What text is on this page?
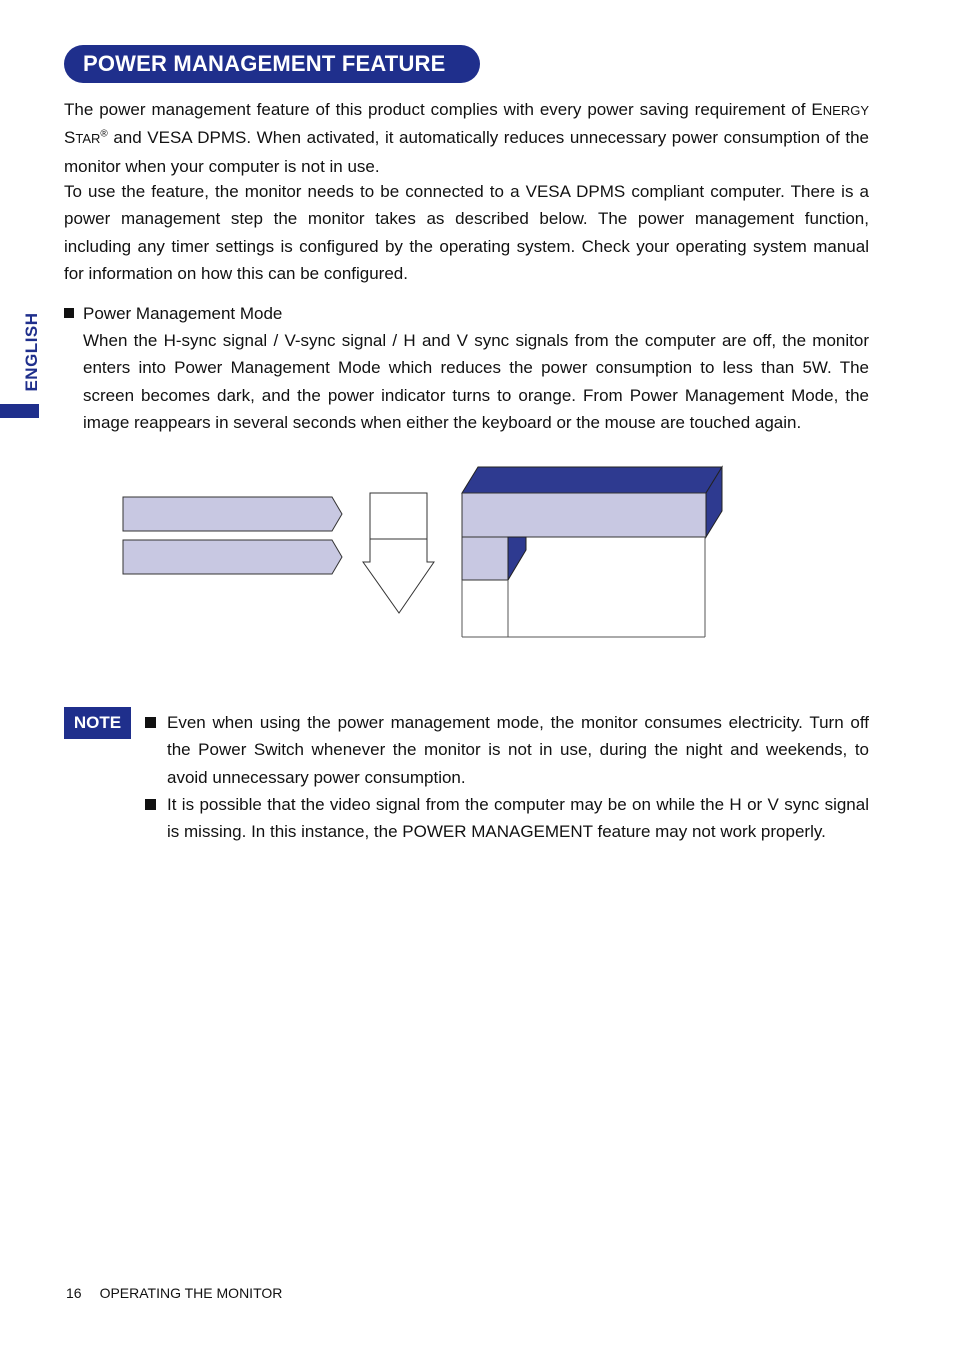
POWER MANAGEMENT FEATURE
The power management feature of this product complies with every power saving requirement of ENERGY STAR® and VESA DPMS. When activated, it automatically reduces unnecessary power consumption of the monitor when your computer is not in use.
To use the feature, the monitor needs to be connected to a VESA DPMS compliant computer. There is a power management step the monitor takes as described below. The power management function, including any timer settings is configured by the operating system. Check your operating system manual for information on how this can be configured.
ENGLISH	Power Management Mode
When the H-sync signal / V-sync signal / H and V sync signals from the computer are off, the monitor enters into Power Management Mode which reduces the power consumption to less than 5W. The screen becomes dark, and the power indicator turns to orange. From Power Management Mode, the image reappears in several seconds when either the keyboard or the mouse are touched again.
NOTE	Even when using the power management mode, the monitor consumes electricity. Turn off the Power Switch whenever the monitor is not in use, during the night and weekends, to avoid unnecessary power consumption.
It is possible that the video signal from the computer may be on while the H or V sync signal is missing. In this instance, the POWER MANAGEMENT feature may not work properly.
16 OPERATING THE MONITOR
